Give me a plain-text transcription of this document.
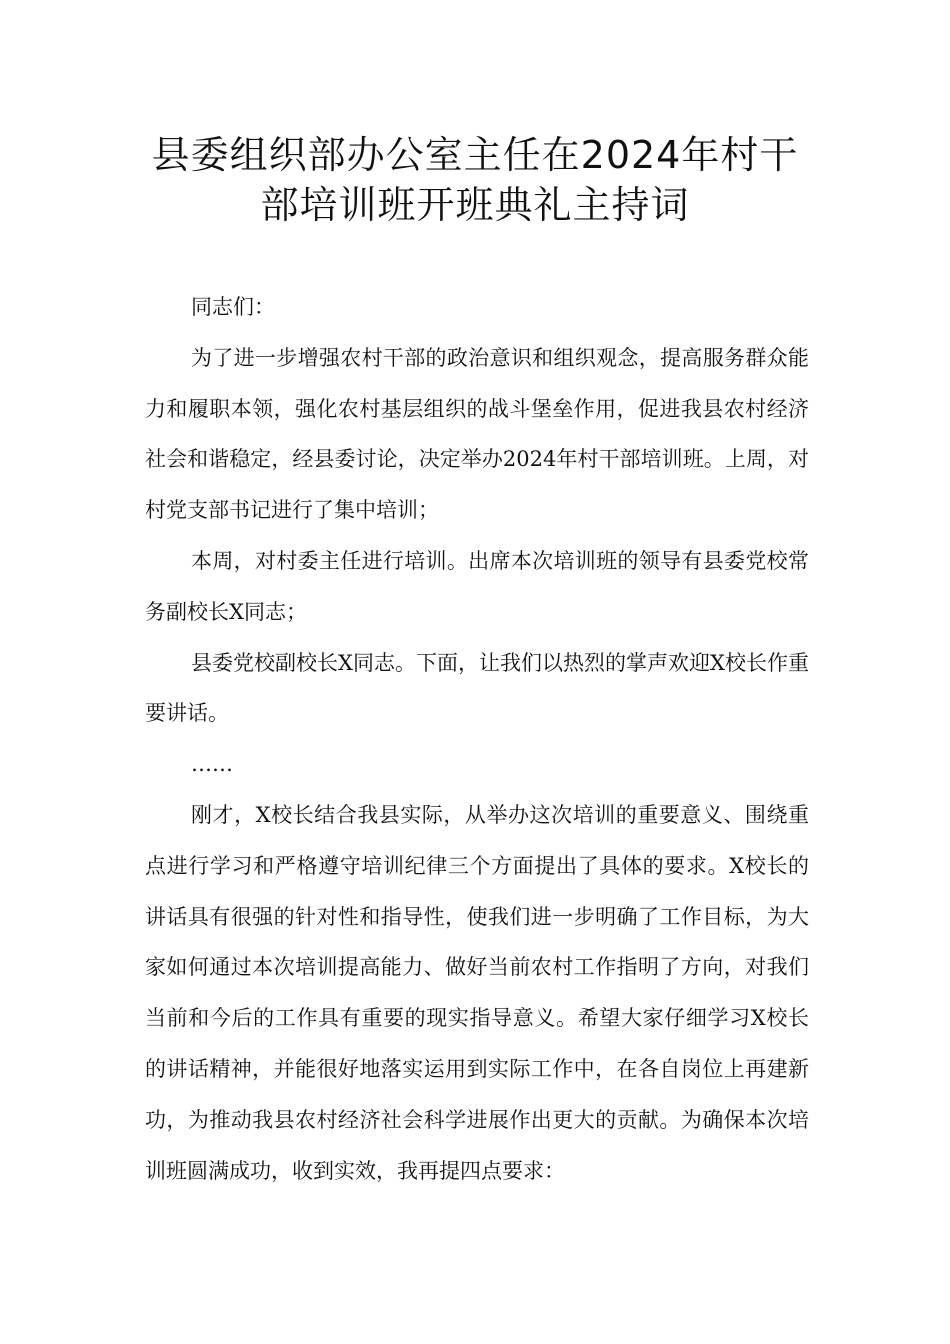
县委组织部办公室主任在2024年村干
部培训班开班典礼主持词

同志们：

为了进一步增强农村干部的政治意识和组织观念，提高服务群众能力和履职本领，强化农村基层组织的战斗堡垒作用，促进我县农村经济社会和谐稳定，经县委讨论，决定举办2024年村干部培训班。上周，对村党支部书记进行了集中培训；

本周，对村委主任进行培训。出席本次培训班的领导有县委党校常务副校长X同志；

县委党校副校长X同志。下面，让我们以热烈的掌声欢迎X校长作重要讲话。

……

刚才，X校长结合我县实际，从举办这次培训的重要意义、围绕重点进行学习和严格遵守培训纪律三个方面提出了具体的要求。X校长的讲话具有很强的针对性和指导性，使我们进一步明确了工作目标，为大家如何通过本次培训提高能力、做好当前农村工作指明了方向，对我们当前和今后的工作具有重要的现实指导意义。希望大家仔细学习X校长的讲话精神，并能很好地落实运用到实际工作中，在各自岗位上再建新功，为推动我县农村经济社会科学进展作出更大的贡献。为确保本次培训班圆满成功，收到实效，我再提四点要求：
